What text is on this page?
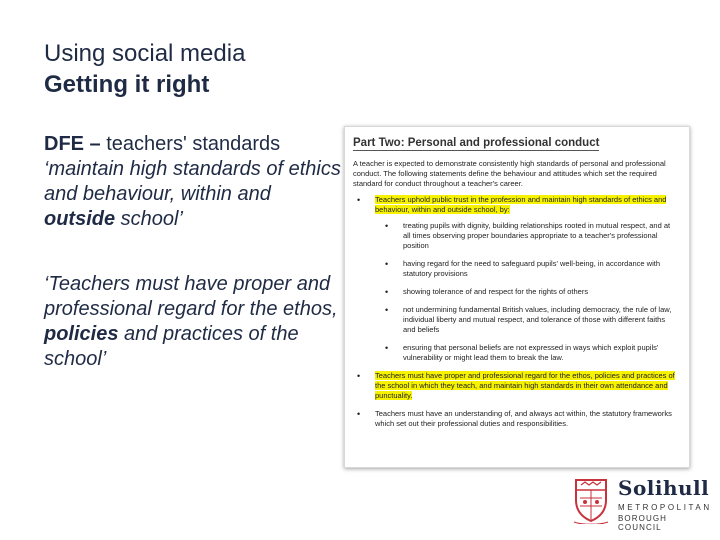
Using social media
Getting it right

DFE – teachers' standards

‘maintain high standards of ethics and behaviour, within and outside school’

‘Teachers must have proper and professional regard for the ethos, policies and practices of the school’

Part Two: Personal and professional conduct
A teacher is expected to demonstrate consistently high standards of personal and professional conduct. The following statements define the behaviour and attitudes which set the required standard for conduct throughout a teacher's career.
• Teachers uphold public trust in the profession and maintain high standards of ethics and behaviour, within and outside school, by:
• treating pupils with dignity, building relationships rooted in mutual respect, and at all times observing proper boundaries appropriate to a teacher's professional position
• having regard for the need to safeguard pupils' well-being, in accordance with statutory provisions
• showing tolerance of and respect for the rights of others
• not undermining fundamental British values, including democracy, the rule of law, individual liberty and mutual respect, and tolerance of those with different faiths and beliefs
• ensuring that personal beliefs are not expressed in ways which exploit pupils' vulnerability or might lead them to break the law.
• Teachers must have proper and professional regard for the ethos, policies and practices of the school in which they teach, and maintain high standards in their own attendance and punctuality.
• Teachers must have an understanding of, and always act within, the statutory frameworks which set out their professional duties and responsibilities.
Solihull
METROPOLITAN
BOROUGH COUNCIL
